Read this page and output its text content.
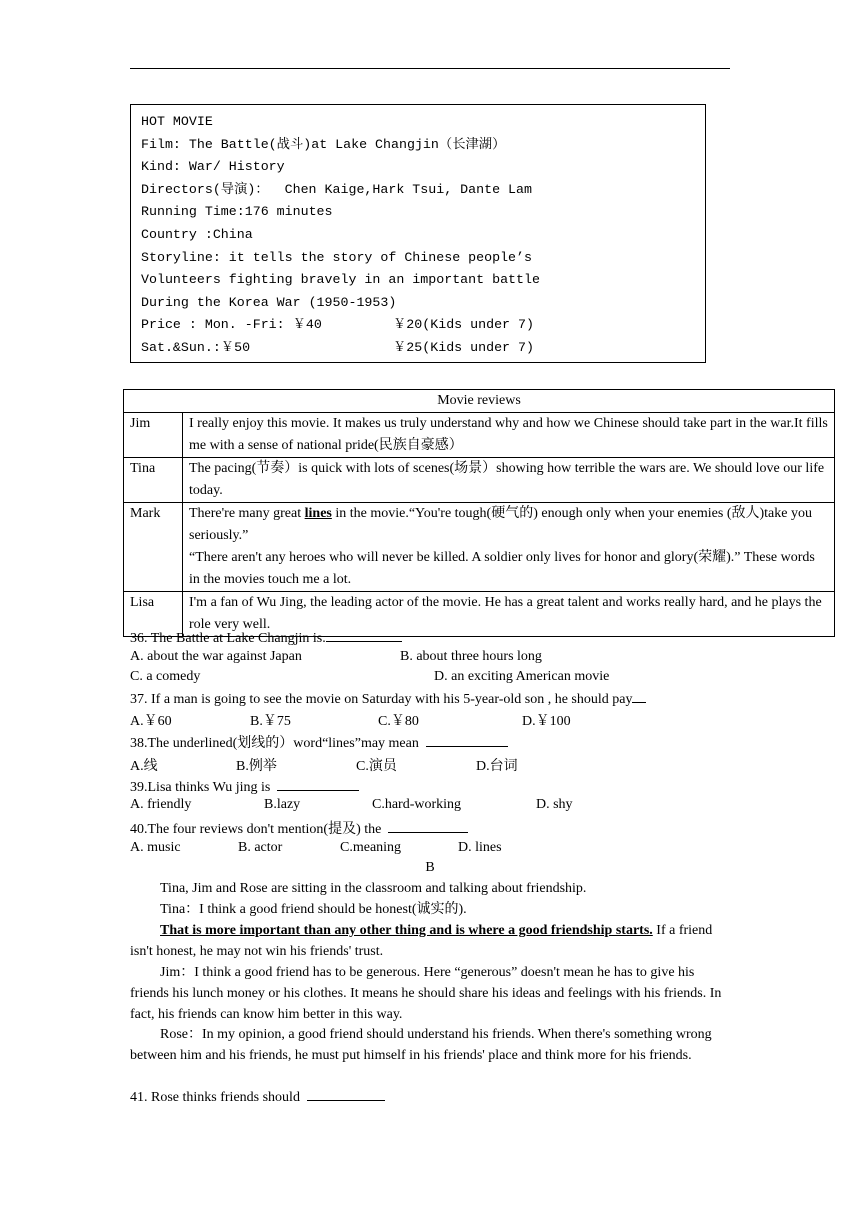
HOT MOVIE
Film: The Battle(战斗)at Lake Changjin（长津湖）
Kind: War/ History
Directors(导演)：  Chen Kaige,Hark Tsui, Dante Lam
Running Time:176 minutes
Country :China
Storyline: it tells the story of Chinese people’s
Volunteers fighting bravely in an important battle
During the Korea War (1950-1953)
Price : Mon. -Fri: ￥40	￥20(Kids under 7)
Sat.&Sun.:￥50	￥25(Kids under 7)
Movie reviews	
Jim	I really enjoy this movie. It makes us truly understand why and how we Chinese should take part in the war.It fills me with a sense of national pride(民族自豪感）
Tina	The pacing(节奏）is quick with lots of scenes(场景）showing how terrible the wars are. We should love our life today.
Mark	There're many great lines in the movie.“You're tough(硬气的) enough only when your enemies (敌人)take you seriously.”
“There aren't any heroes who will never be killed. A soldier only lives for honor and glory(荣耀).” These words in the movies touch me a lot.
Lisa	I'm a fan of Wu Jing, the leading actor of the movie. He has a great talent and works really hard, and he plays the role very well.
36. The Battle at Lake Changjin is.
A. about the war against Japan	B. about three hours long
C. a comedy	D. an exciting American movie
37. If a man is going to see the movie on Saturday with his 5-year-old son , he should pay
A.￥60	B.￥75	C.￥80	D.￥100
38.The underlined(划线的）word“lines”may mean
A.线	B.例举	C.演员	D.台词
39.Lisa thinks Wu jing is
A. friendly	B.lazy	C.hard-working	D. shy
40.The four reviews don't mention(提及) the
A. music	B. actor	C.meaning	D. lines
B
Tina, Jim and Rose are sitting in the classroom and talking about friendship.
Tina：I think a good friend should be honest(诚实的).
That is more important than any other thing and is where a good friendship starts. If a friend isn't honest, he may not win his friends' trust.
Jim：I think a good friend has to be generous. Here “generous” doesn't mean he has to give his friends his lunch money or his clothes. It means he should share his ideas and feelings with his friends. In fact, his friends can know him better in this way.
Rose：In my opinion, a good friend should understand his friends. When there's something wrong between him and his friends, he must put himself in his friends' place and think more for his friends.
41. Rose thinks friends should
